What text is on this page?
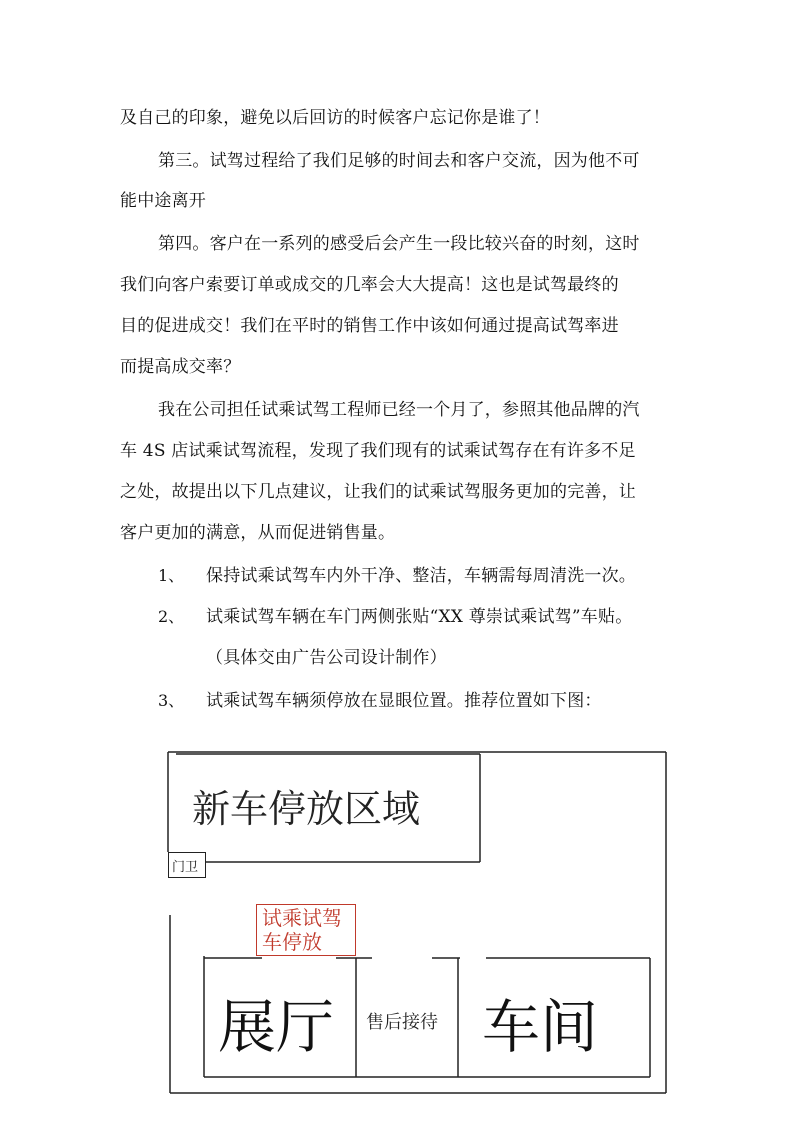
及自己的印象，避免以后回访的时候客户忘记你是谁了！
第三。试驾过程给了我们足够的时间去和客户交流，因为他不可
能中途离开
第四。客户在一系列的感受后会产生一段比较兴奋的时刻，这时
我们向客户索要订单或成交的几率会大大提高！这也是试驾最终的
目的促进成交！我们在平时的销售工作中该如何通过提高试驾率进
而提高成交率？
我在公司担任试乘试驾工程师已经一个月了，参照其他品牌的汽
车 4S 店试乘试驾流程，发现了我们现有的试乘试驾存在有许多不足
之处，故提出以下几点建议，让我们的试乘试驾服务更加的完善，让
客户更加的满意，从而促进销售量。
1、 保持试乘试驾车内外干净、整洁，车辆需每周清洗一次。
2、 试乘试驾车辆在车门两侧张贴“XX 尊崇试乘试驾”车贴。
（具体交由广告公司设计制作）
3、 试乘试驾车辆须停放在显眼位置。推荐位置如下图：
门卫
新车停放区域
试乘试驾
车停放
展厅 售后接待 车间
